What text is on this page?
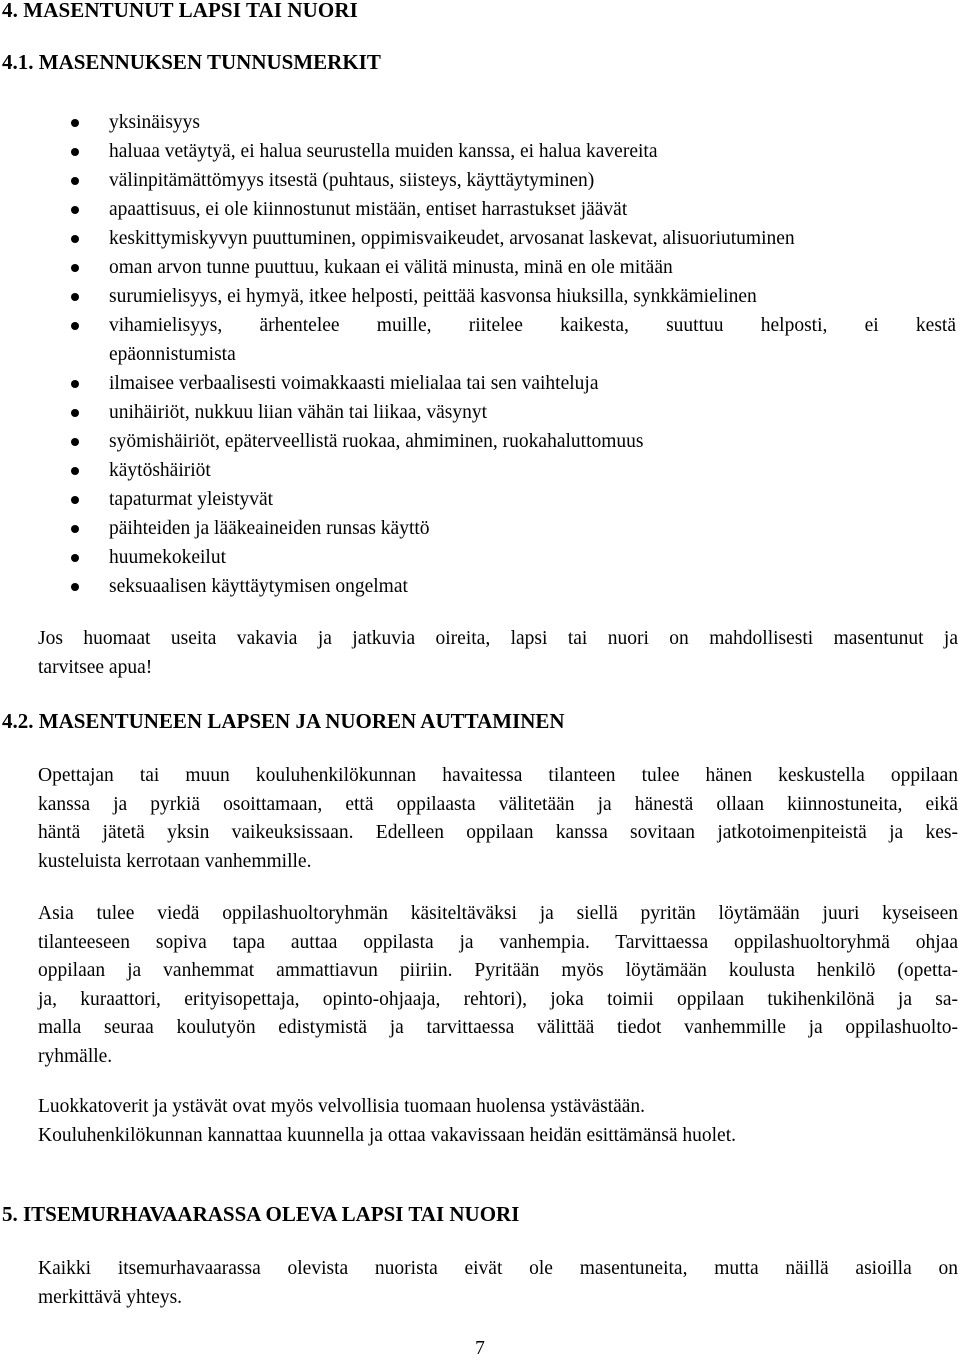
4. MASENTUNUT LAPSI TAI NUORI
4.1. MASENNUKSEN TUNNUSMERKIT
yksinäisyys
haluaa vetäytyä, ei halua seurustella muiden kanssa, ei halua kavereita
välinpitämättömyys itsestä (puhtaus, siisteys, käyttäytyminen)
apaattisuus, ei ole kiinnostunut mistään, entiset harrastukset jäävät
keskittymiskyvyn puuttuminen, oppimisvaikeudet, arvosanat laskevat, alisuoriutuminen
oman arvon tunne puuttuu, kukaan ei välitä minusta, minä en ole mitään
surumielisyys, ei hymyä, itkee helposti, peittää kasvonsa hiuksilla, synkkämielinen
vihamielisyys, ärhentelee muille, riitelee kaikesta, suuttuu helposti, ei kestä
epäonnistumista
ilmaisee verbaalisesti voimakkaasti mielialaa tai sen vaihteluja
unihäiriöt, nukkuu liian vähän tai liikaa, väsynyt
syömishäiriöt, epäterveellistä ruokaa, ahmiminen, ruokahaluttomuus
käytöshäiriöt
tapaturmat yleistyvät
päihteiden ja lääkeaineiden runsas käyttö
huumekokeilut
seksuaalisen käyttäytymisen ongelmat
Jos huomaat useita vakavia ja jatkuvia oireita, lapsi tai nuori on mahdollisesti masentunut ja
tarvitsee apua!
4.2. MASENTUNEEN LAPSEN JA NUOREN AUTTAMINEN
Opettajan tai muun kouluhenkilökunnan havaitessa tilanteen tulee hänen keskustella oppilaan
kanssa ja pyrkiä osoittamaan, että oppilaasta välitetään ja hänestä ollaan kiinnostuneita, eikä
häntä jätetä yksin vaikeuksissaan. Edelleen oppilaan kanssa sovitaan jatkotoimenpiteistä ja kes-
kusteluista kerrotaan vanhemmille.
Asia tulee viedä oppilashuoltoryhmän käsiteltäväksi ja siellä pyritän löytämään juuri kyseiseen
tilanteeseen sopiva tapa auttaa oppilasta ja vanhempia. Tarvittaessa oppilashuoltoryhmä ohjaa
oppilaan ja vanhemmat ammattiavun piiriin. Pyritään myös löytämään koulusta henkilö (opetta-
ja, kuraattori, erityisopettaja, opinto-ohjaaja, rehtori), joka toimii oppilaan tukihenkilönä ja sa-
malla seuraa koulutyön edistymistä ja tarvittaessa välittää tiedot vanhemmille ja oppilashuolto-
ryhmälle.
Luokkatoverit ja ystävät ovat myös velvollisia tuomaan huolensa ystävästään.
Kouluhenkilökunnan kannattaa kuunnella ja ottaa vakavissaan heidän esittämänsä huolet.
5. ITSEMURHAVAARASSA OLEVA LAPSI TAI NUORI
Kaikki itsemurhavaarassa olevista nuorista eivät ole masentuneita, mutta näillä asioilla on
merkittävä yhteys.
7
